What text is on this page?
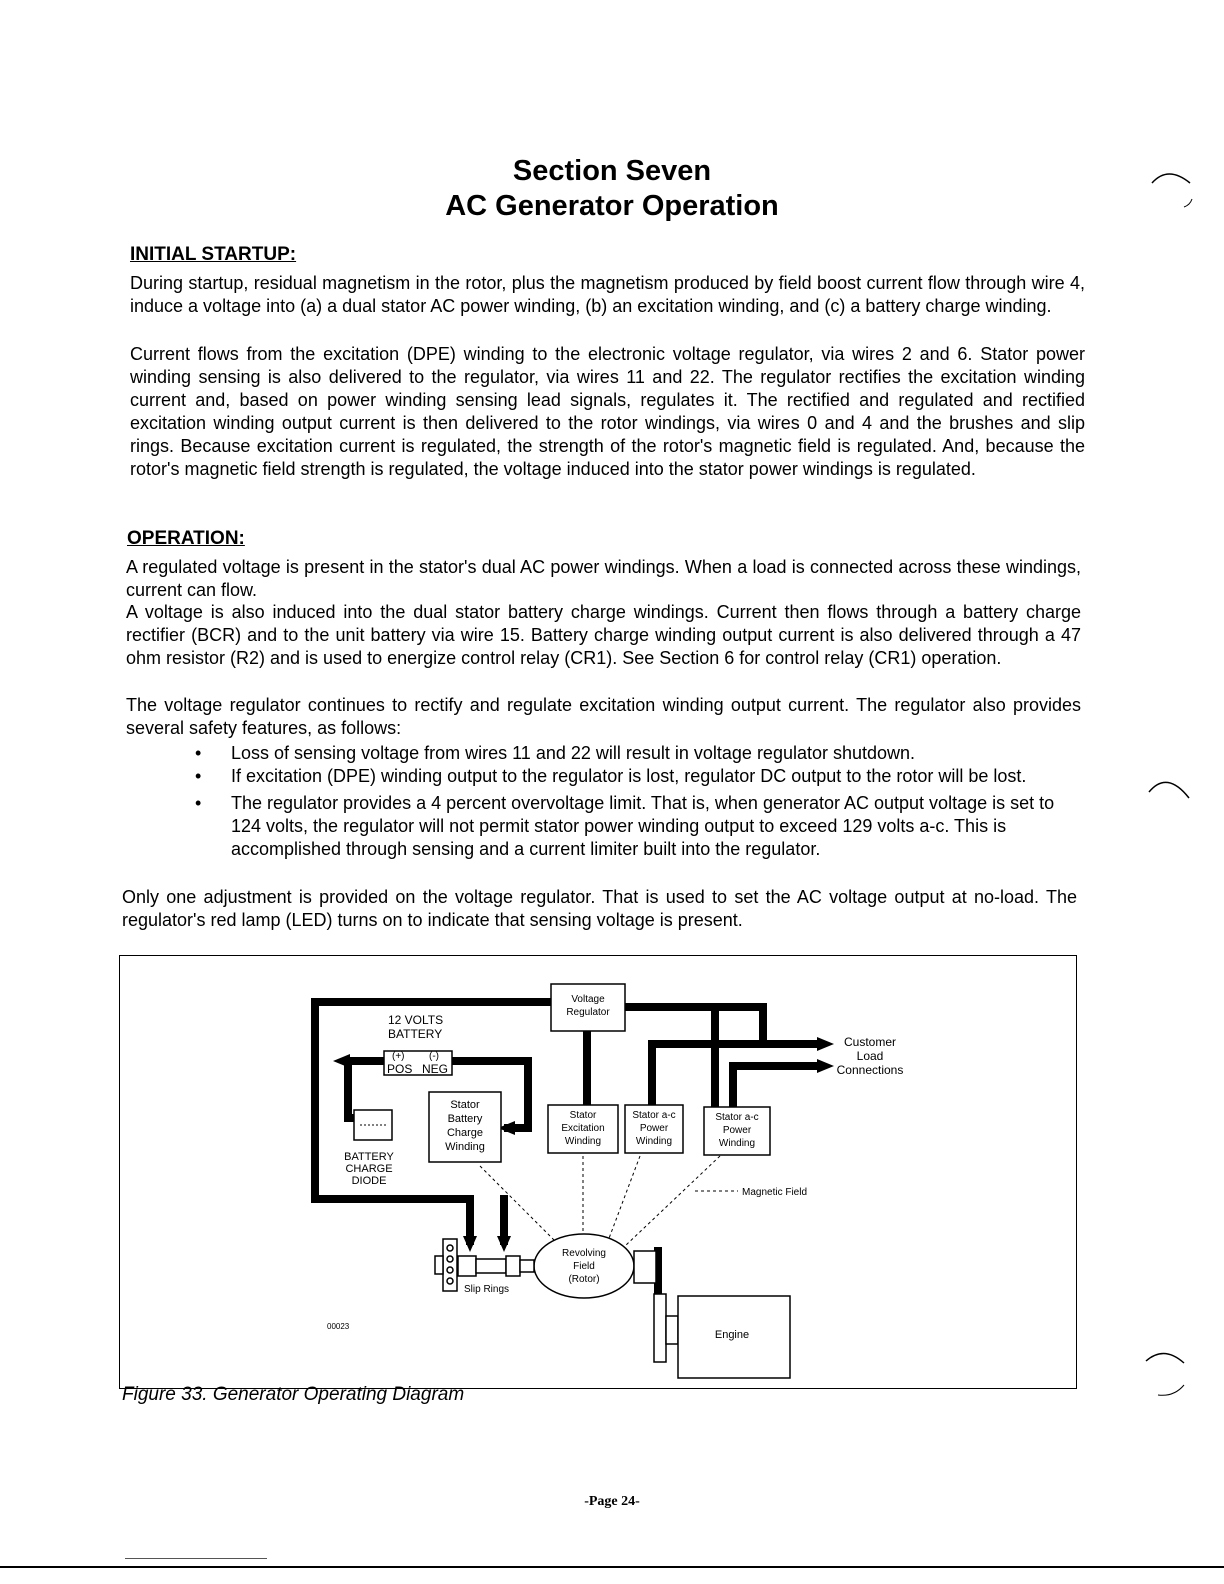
Section Seven
AC Generator Operation
INITIAL STARTUP:
During startup, residual magnetism in the rotor, plus the magnetism produced by field boost current flow through wire 4, induce a voltage into (a) a dual stator AC power winding, (b) an excitation winding, and (c) a battery charge winding.
Current flows from the excitation (DPE) winding to the electronic voltage regulator, via wires 2 and 6. Stator power winding sensing is also delivered to the regulator, via wires 11 and 22. The regulator rectifies the excitation winding current and, based on power winding sensing lead signals, regulates it. The rectified and regulated and rectified excitation winding output current is then delivered to the rotor windings, via wires 0 and 4 and the brushes and slip rings. Because excitation current is regulated, the strength of the rotor's magnetic field is regulated. And, because the rotor's magnetic field strength is regulated, the voltage induced into the stator power windings is regulated.
OPERATION:
A regulated voltage is present in the stator's dual AC power windings. When a load is connected across these windings, current can flow.
A voltage is also induced into the dual stator battery charge windings. Current then flows through a battery charge rectifier (BCR) and to the unit battery via wire 15. Battery charge winding output current is also delivered through a 47 ohm resistor (R2) and is used to energize control relay (CR1). See Section 6 for control relay (CR1) operation.
The voltage regulator continues to rectify and regulate excitation winding output current. The regulator also provides several safety features, as follows:
• Loss of sensing voltage from wires 11 and 22 will result in voltage regulator shutdown.
• If excitation (DPE) winding output to the regulator is lost, regulator DC output to the rotor will be lost.
• The regulator provides a 4 percent overvoltage limit. That is, when generator AC output voltage is set to 124 volts, the regulator will not permit stator power winding output to exceed 129 volts a-c. This is accomplished through sensing and a current limiter built into the regulator.
Only one adjustment is provided on the voltage regulator. That is used to set the AC voltage output at no-load. The regulator's red lamp (LED) turns on to indicate that sensing voltage is present.
Voltage
Regulator
12 VOLTS
BATTERY
(+) (-)
POS NEG
Stator
Battery
Charge
Winding
BATTERY
CHARGE
DIODE
Stator
Excitation
Winding
Stator a-c
Power
Winding
Stator a-c
Power
Winding
Customer
Load
Connections
Magnetic Field
Revolving
Field
(Rotor)
Slip Rings
Engine
00023
Figure 33. Generator Operating Diagram
-Page 24-
